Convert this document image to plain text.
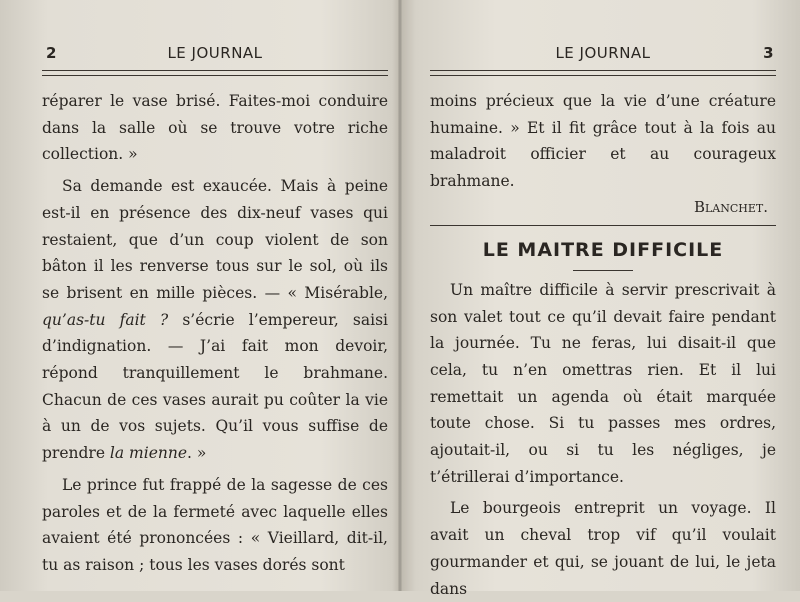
2	LE JOURNAL

réparer le vase brisé. Faites-moi conduire dans la salle où se trouve votre riche collection. »

Sa demande est exaucée. Mais à peine est-il en présence des dix-neuf vases qui restaient, que d’un coup violent de son bâton il les renverse tous sur le sol, où ils se brisent en mille pièces. — « Misérable, qu’as-tu fait ? s’écrie l’empereur, saisi d’indignation. — J’ai fait mon devoir, répond tranquillement le brahmane. Chacun de ces vases aurait pu coûter la vie à un de vos sujets. Qu’il vous suffise de prendre la mienne. »

Le prince fut frappé de la sagesse de ces paroles et de la fermeté avec laquelle elles avaient été prononcées : « Vieillard, dit-il, tu as raison ; tous les vases dorés sont

LE JOURNAL	3

moins précieux que la vie d’une créature humaine. » Et il fit grâce tout à la fois au maladroit officier et au courageux brahmane.

Blanchet.

LE MAITRE DIFFICILE

Un maître difficile à servir prescrivait à son valet tout ce qu’il devait faire pendant la journée. Tu ne feras, lui disait-il que cela, tu n’en omettras rien. Et il lui remettait un agenda où était marquée toute chose. Si tu passes mes ordres, ajoutait-il, ou si tu les négliges, je t’étrillerai d’importance.

Le bourgeois entreprit un voyage. Il avait un cheval trop vif qu’il voulait gourmander et qui, se jouant de lui, le jeta dans
